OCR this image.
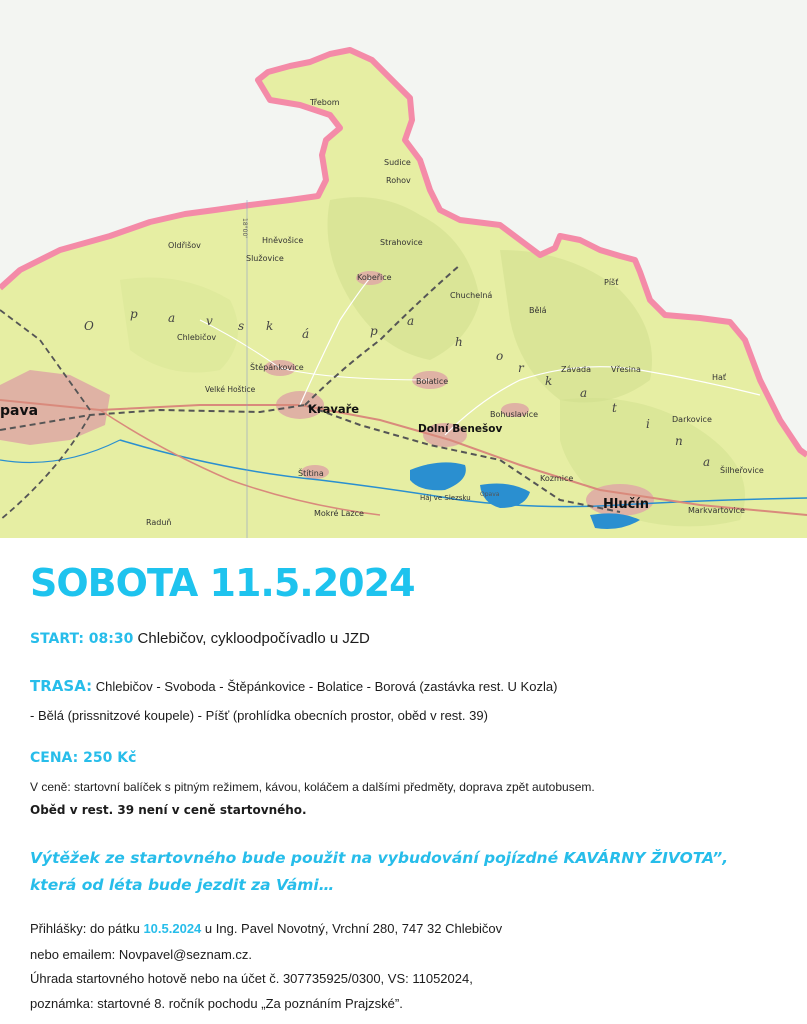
Třebom
Sudice
Rohov
Oldřišov
Hněvošice	Strahovice
Služovice
Kobeřice
Chuchelná
Píšť
Bělá
Chlebičov
Štěpánkovice	Závada	Vřesina
Hať
Velké Hoštice
Bolatice
Kravaře
pava
Dolní Benešov
Bohuslavice
Darkovice
Šilheřovice
Štítina
Kozmice
Hlučín
Háj ve Slezsku
Mokré Lazce	Markvartovice
Raduň
Opava
18°00'
O
p	a	v s k
á	p
a
h
o
r
k
a
t
i
n
a
SOBOTA 11.5.2024
START: 08:30 Chlebičov, cykloodpočívadlo u JZD
TRASA: Chlebičov - Svoboda - Štěpánkovice - Bolatice - Borová (zastávka rest. U Kozla)
- Bělá (prissnitzové koupele) - Píšť (prohlídka obecních prostor, oběd v rest. 39)
CENA: 250 Kč
V ceně: startovní balíček s pitným režimem, kávou, koláčem a dalšími předměty, doprava zpět autobusem.
Oběd v rest. 39 není v ceně startovného.
Výtěžek ze startovného bude použit na vybudování pojízdné KAVÁRNY ŽIVOTA”,
která od léta bude jezdit za Vámi…
Přihlášky: do pátku 10.5.2024 u Ing. Pavel Novotný, Vrchní 280, 747 32 Chlebičov
nebo emailem: Novpavel@seznam.cz.
Úhrada startovného hotově nebo na účet č. 307735925/0300, VS: 11052024,
poznámka: startovné 8. ročník pochodu „Za poznáním Prajzské”.
